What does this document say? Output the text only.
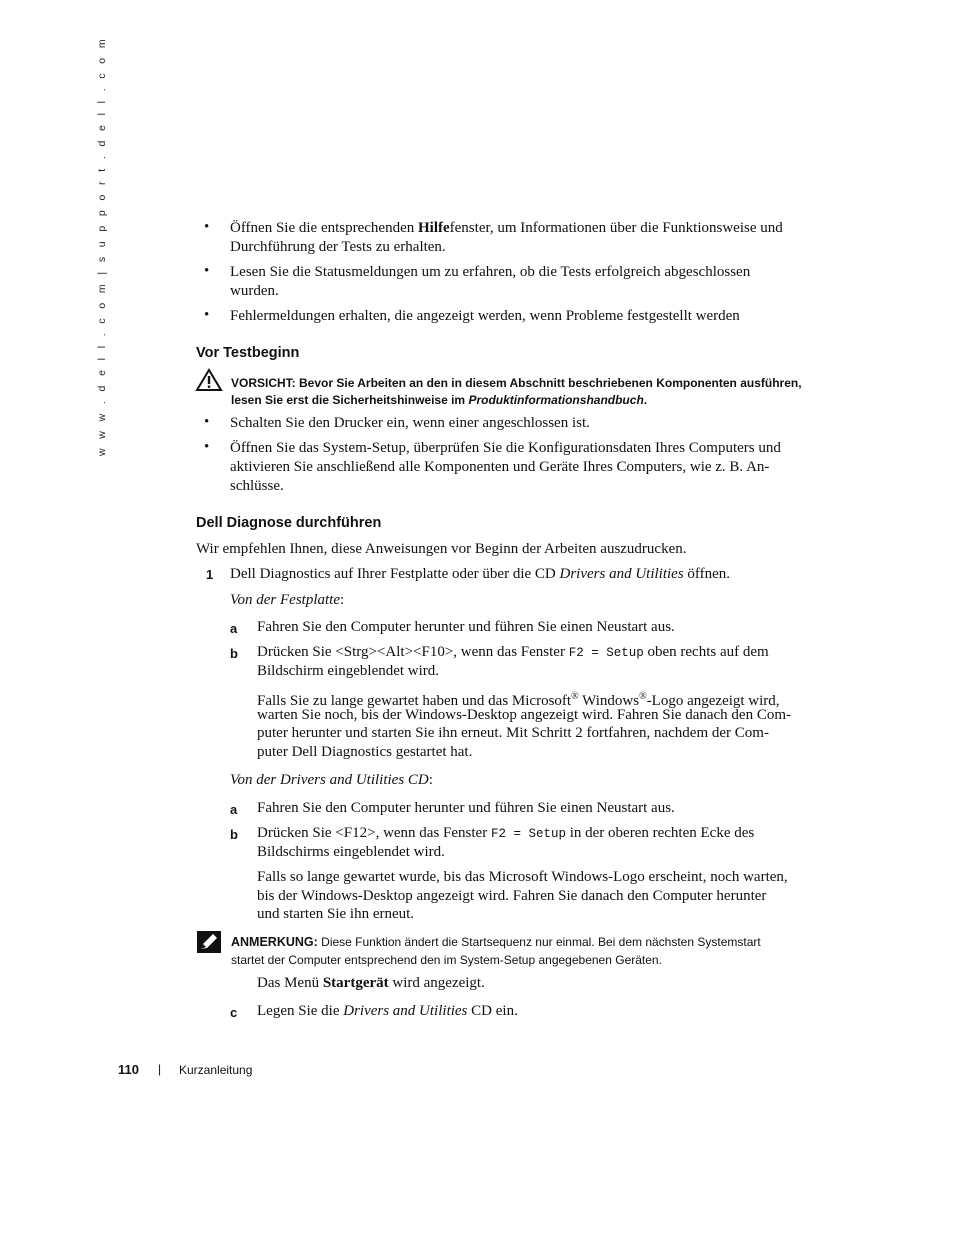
w w w . d e l l . c o m | s u p p o r t . d e l l . c o m	• Öffnen Sie die entsprechenden Hilfefenster, um Informationen über die Funktionsweise und
Durchführung der Tests zu erhalten.
• Lesen Sie die Statusmeldungen um zu erfahren, ob die Tests erfolgreich abgeschlossen
wurden.
• Fehlermeldungen erhalten, die angezeigt werden, wenn Probleme festgestellt werden
Vor Testbeginn
VORSICHT: Bevor Sie Arbeiten an den in diesem Abschnitt beschriebenen Komponenten ausführen,
lesen Sie erst die Sicherheitshinweise im Produktinformationshandbuch.
• Schalten Sie den Drucker ein, wenn einer angeschlossen ist.
• Öffnen Sie das System-Setup, überprüfen Sie die Konfigurationsdaten Ihres Computers und
aktivieren Sie anschließend alle Komponenten und Geräte Ihres Computers, wie z. B. An-
schlüsse.
Dell Diagnose durchführen
Wir empfehlen Ihnen, diese Anweisungen vor Beginn der Arbeiten auszudrucken.
1 Dell Diagnostics auf Ihrer Festplatte oder über die CD Drivers and Utilities öffnen.
Von der Festplatte:
a Fahren Sie den Computer herunter und führen Sie einen Neustart aus.
b Drücken Sie <Strg><Alt><F10>, wenn das Fenster F2 = Setup oben rechts auf dem
Bildschirm eingeblendet wird.
Falls Sie zu lange gewartet haben und das Microsoft® Windows®-Logo angezeigt wird,
warten Sie noch, bis der Windows-Desktop angezeigt wird. Fahren Sie danach den Com-
puter herunter und starten Sie ihn erneut. Mit Schritt 2 fortfahren, nachdem der Com-
puter Dell Diagnostics gestartet hat.
Von der Drivers and Utilities CD:
a Fahren Sie den Computer herunter und führen Sie einen Neustart aus.
b Drücken Sie <F12>, wenn das Fenster F2 = Setup in der oberen rechten Ecke des
Bildschirms eingeblendet wird.
Falls so lange gewartet wurde, bis das Microsoft Windows-Logo erscheint, noch warten,
bis der Windows-Desktop angezeigt wird. Fahren Sie danach den Computer herunter
und starten Sie ihn erneut.
ANMERKUNG: Diese Funktion ändert die Startsequenz nur einmal. Bei dem nächsten Systemstart
startet der Computer entsprechend den im System-Setup angegebenen Geräten.
Das Menü Startgerät wird angezeigt.
c Legen Sie die Drivers and Utilities CD ein.
110 | Kurzanleitung
